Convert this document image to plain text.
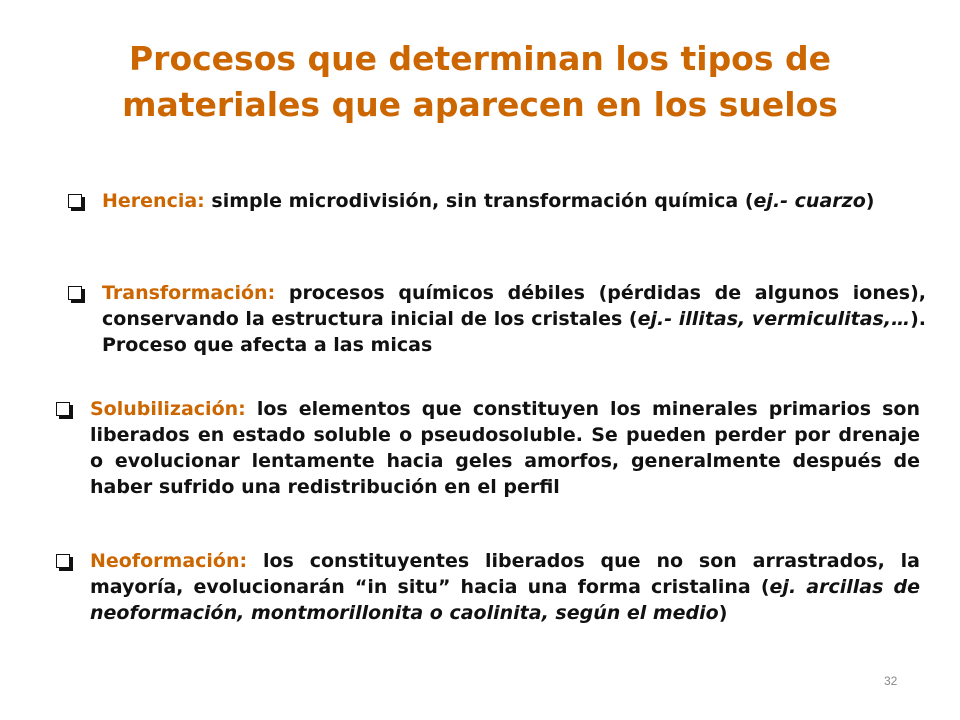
Procesos que determinan los tipos de
materiales que aparecen en los suelos
Herencia: simple microdivisión, sin transformación química (ej.- cuarzo)
Transformación: procesos químicos débiles (pérdidas de algunos iones), conservando la estructura inicial de los cristales (ej.- illitas, vermiculitas,…). Proceso que afecta a las micas
Solubilización: los elementos que constituyen los minerales primarios son liberados en estado soluble o pseudosoluble. Se pueden perder por drenaje o evolucionar lentamente hacia geles amorfos, generalmente después de haber sufrido una redistribución en el perfil
Neoformación: los constituyentes liberados que no son arrastrados, la mayoría, evolucionarán “in situ” hacia una forma cristalina (ej. arcillas de neoformación, montmorillonita o caolinita, según el medio)
32
